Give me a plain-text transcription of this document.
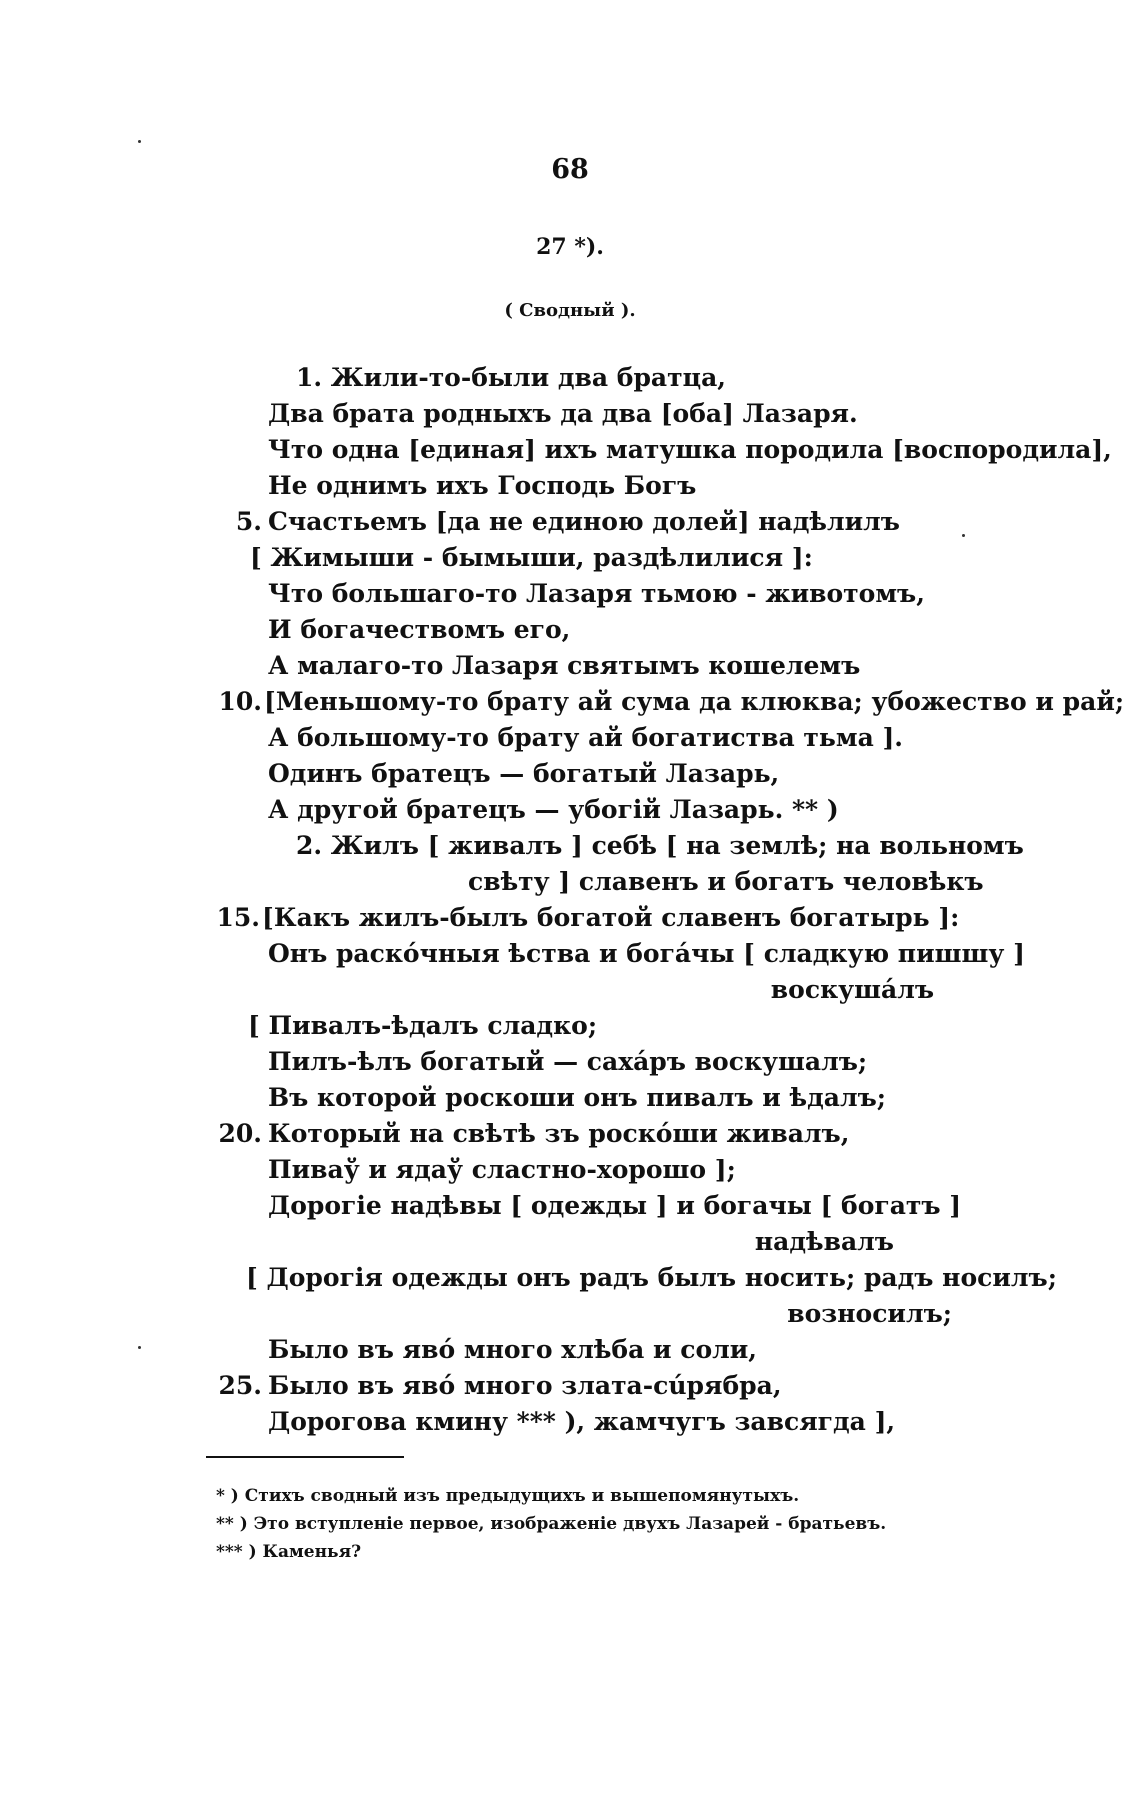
68
27 *).
( Сводный ).
1. Жили-то-были два братца,
Два брата родныхъ да два [оба] Лазаря.
Что одна [единая] ихъ матушка породила [воспородила],
Не однимъ ихъ Господь Богъ
5. Счастьемъ [да не единою долей] надѣлилъ
[ Жимыши - бымыши, раздѣлилися ]:
Что большаго-то Лазаря тьмою - животомъ,
И богачествомъ его,
А малаго-то Лазаря святымъ кошелемъ
10. [Меньшому-то брату ай сума да клюква; убожество и рай;
А большому-то брату ай богатиства тьма ].
Одинъ братецъ — богатый Лазарь,
А другой братецъ — убогій Лазарь. ** )
2. Жилъ [ живалъ ] себѣ [ на землѣ; на вольномъ
свѣту ] славенъ и богатъ человѣкъ
15. [Какъ жилъ-былъ богатой славенъ богатырь ]:
Онъ раскóчныя ѣства и богáчы [ сладкую пишшу ]
воскушáлъ
[ Пивалъ-ѣдалъ сладко;
Пилъ-ѣлъ богатый — сахáръ воскушалъ;
Въ которой роскоши онъ пивалъ и ѣдалъ;
20. Который на свѣтѣ зъ роскóши живалъ,
Пиваў и ядаў сластно-хорошо ];
Дорогіе надѣвы [ одежды ] и богачы [ богатъ ]
надѣвалъ
[ Дорогія одежды онъ радъ былъ носить; радъ носилъ;
возносилъ;
Было въ явó много хлѣба и соли,
25. Было въ явó много злата-сúрябра,
Дорогова кмину *** ), жамчугъ завсягда ],
* ) Стихъ сводный изъ предыдущихъ и вышепомянутыхъ.
** ) Это вступленіе первое, изображеніе двухъ Лазарей - братьевъ.
*** ) Каменья?
